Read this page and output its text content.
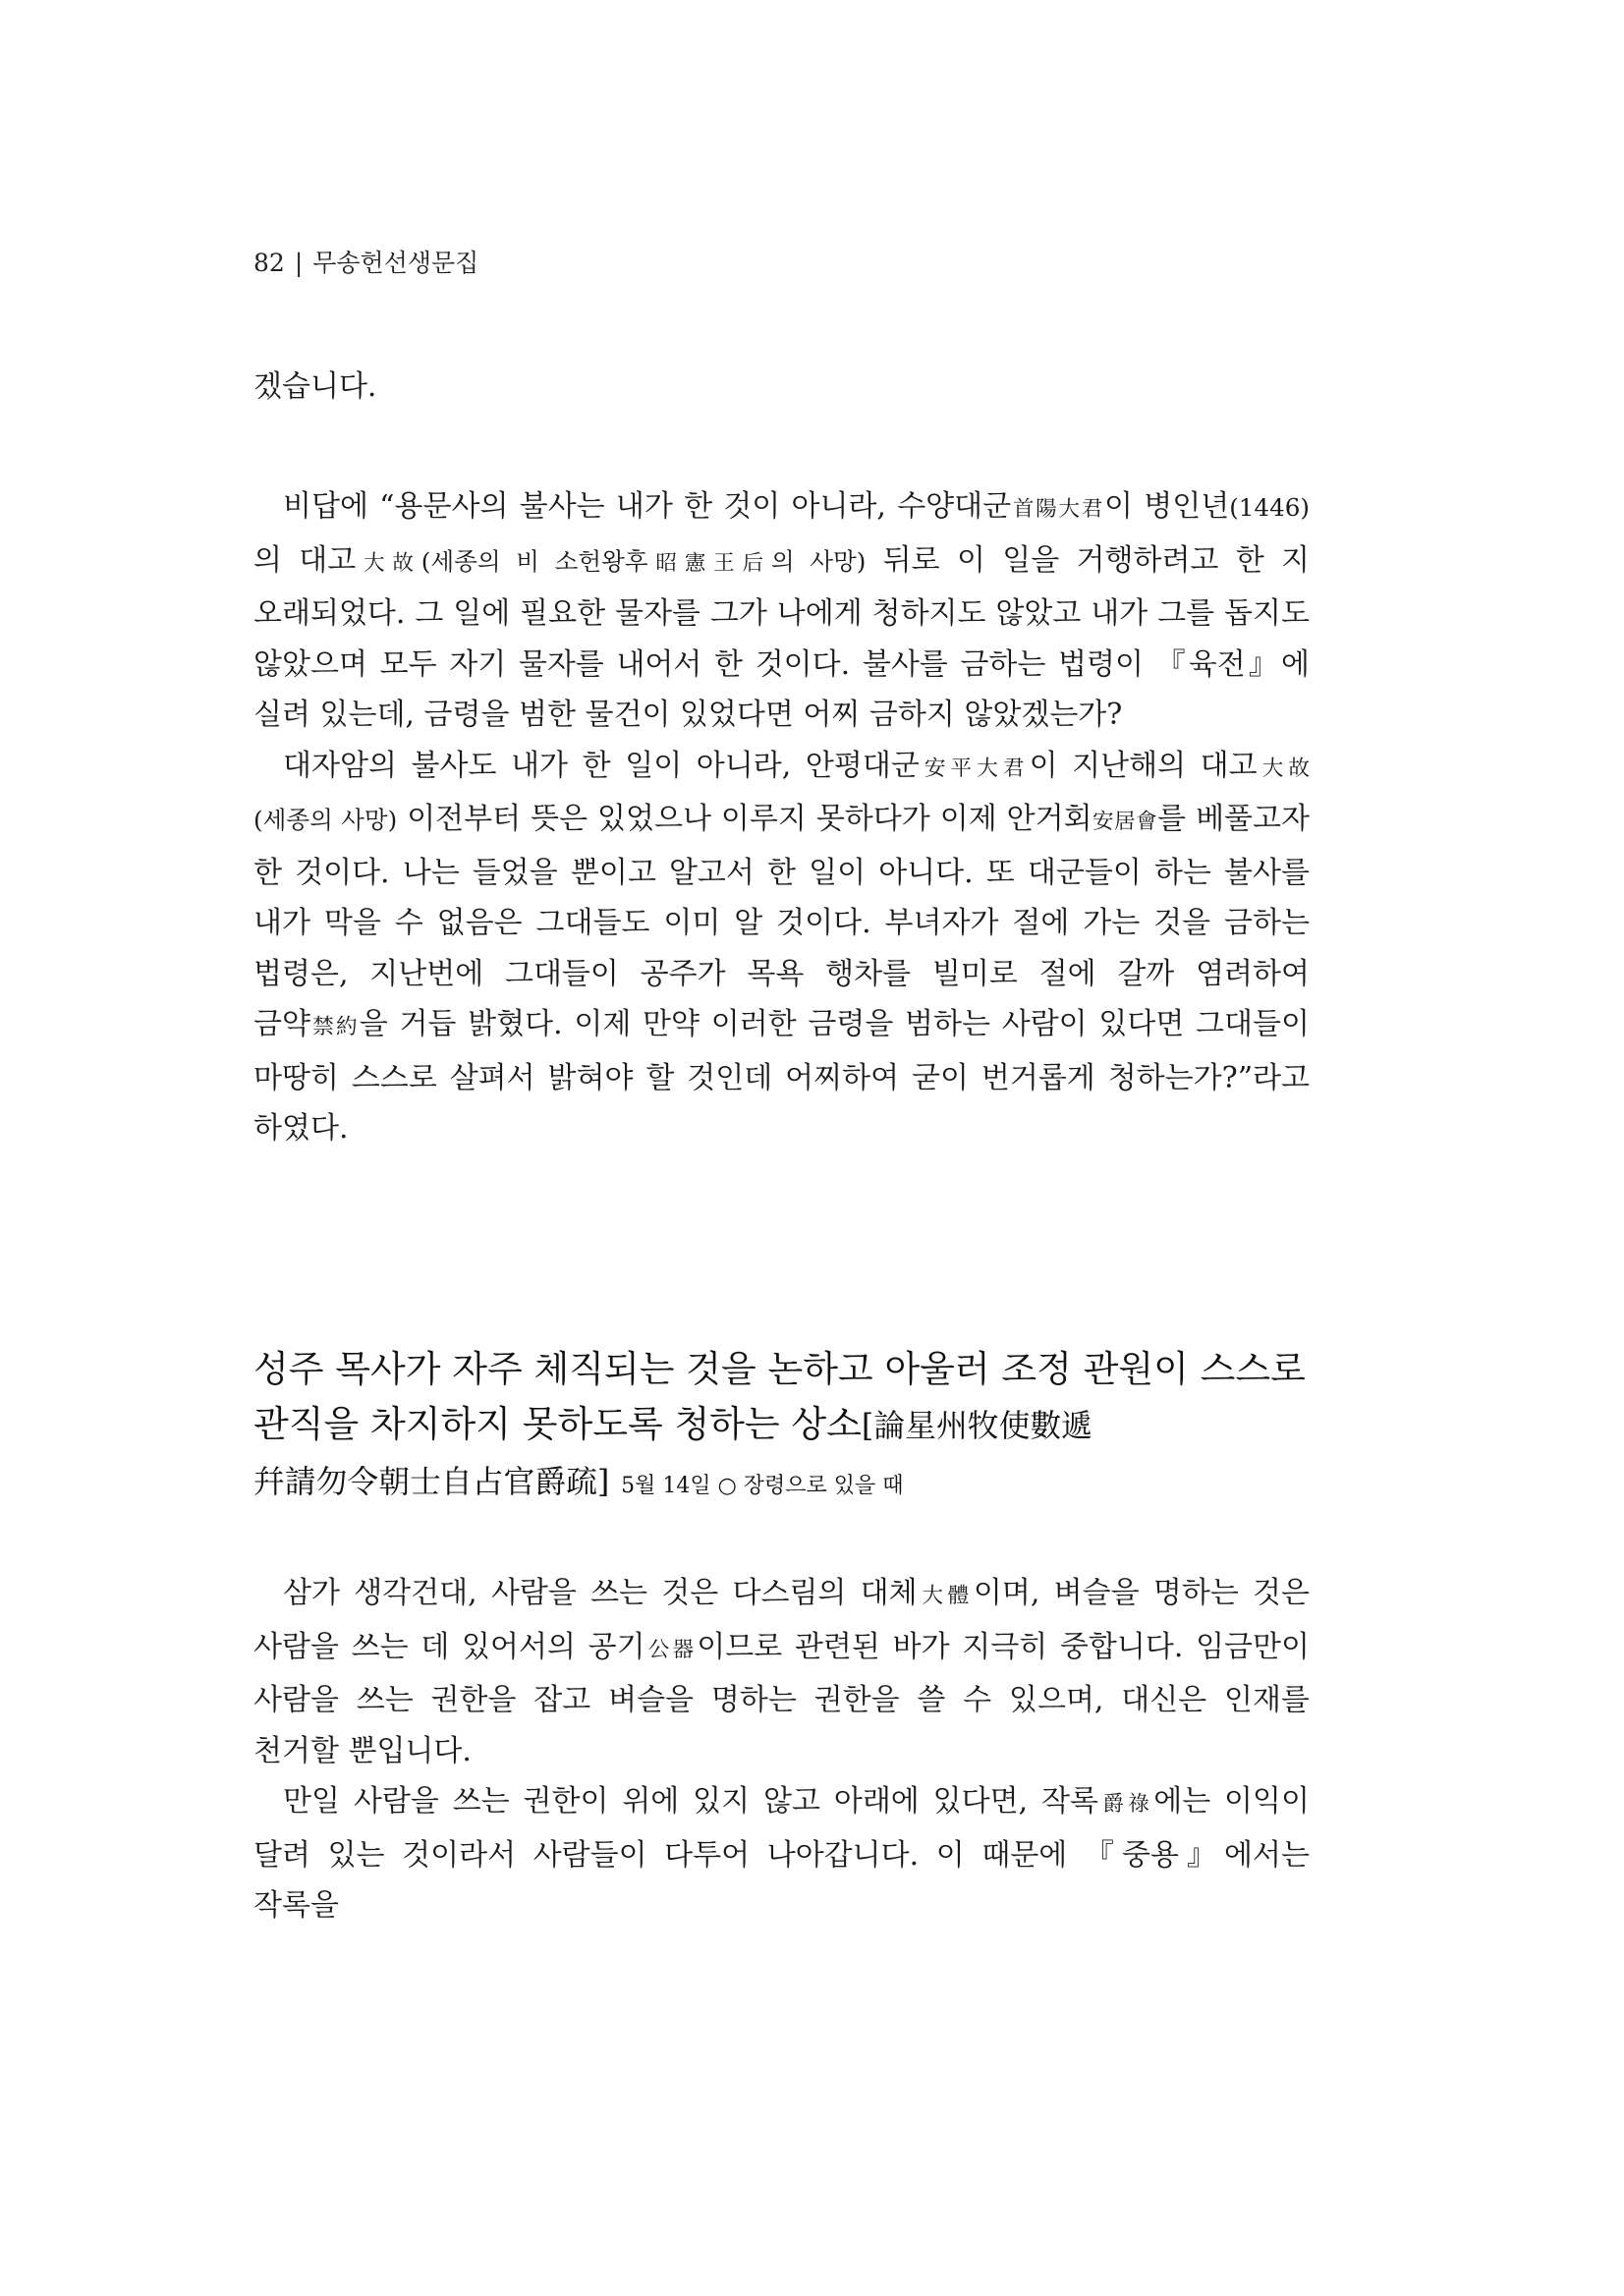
82 | 무송헌선생문집

겠습니다.

비답에 “용문사의 불사는 내가 한 것이 아니라, 수양대군首陽大君이 병인년(1446) 의 대고大故(세종의 비 소헌왕후昭憲王后의 사망) 뒤로 이 일을 거행하려고 한 지 오래되었다. 그 일에 필요한 물자를 그가 나에게 청하지도 않았고 내가 그를 돕지도 않았으며 모두 자기 물자를 내어서 한 것이다. 불사를 금하는 법령이 『육전』에 실려 있는데, 금령을 범한 물건이 있었다면 어찌 금하지 않았겠는가?

대자암의 불사도 내가 한 일이 아니라, 안평대군安平大君이 지난해의 대고大故(세종의 사망) 이전부터 뜻은 있었으나 이루지 못하다가 이제 안거회安居會를 베풀고자 한 것이다. 나는 들었을 뿐이고 알고서 한 일이 아니다. 또 대군들이 하는 불사를 내가 막을 수 없음은 그대들도 이미 알 것이다. 부녀자가 절에 가는 것을 금하는 법령은, 지난번에 그대들이 공주가 목욕 행차를 빌미로 절에 갈까 염려하여 금약禁約을 거듭 밝혔다. 이제 만약 이러한 금령을 범하는 사람이 있다면 그대들이 마땅히 스스로 살펴서 밝혀야 할 것인데 어찌하여 굳이 번거롭게 청하는가?”라고 하였다.

성주 목사가 자주 체직되는 것을 논하고 아울러 조정 관원이 스스로 관직을 차지하지 못하도록 청하는 상소[論星州牧使數遞 幷請勿令朝士自占官爵疏] 5월 14일 ○ 장령으로 있을 때

삼가 생각건대, 사람을 쓰는 것은 다스림의 대체大體이며, 벼슬을 명하는 것은 사람을 쓰는 데 있어서의 공기公器이므로 관련된 바가 지극히 중합니다. 임금만이 사람을 쓰는 권한을 잡고 벼슬을 명하는 권한을 쓸 수 있으며, 대신은 인재를 천거할 뿐입니다.

만일 사람을 쓰는 권한이 위에 있지 않고 아래에 있다면, 작록爵祿에는 이익이 달려 있는 것이라서 사람들이 다투어 나아갑니다. 이 때문에 『중용』에서는 작록을
